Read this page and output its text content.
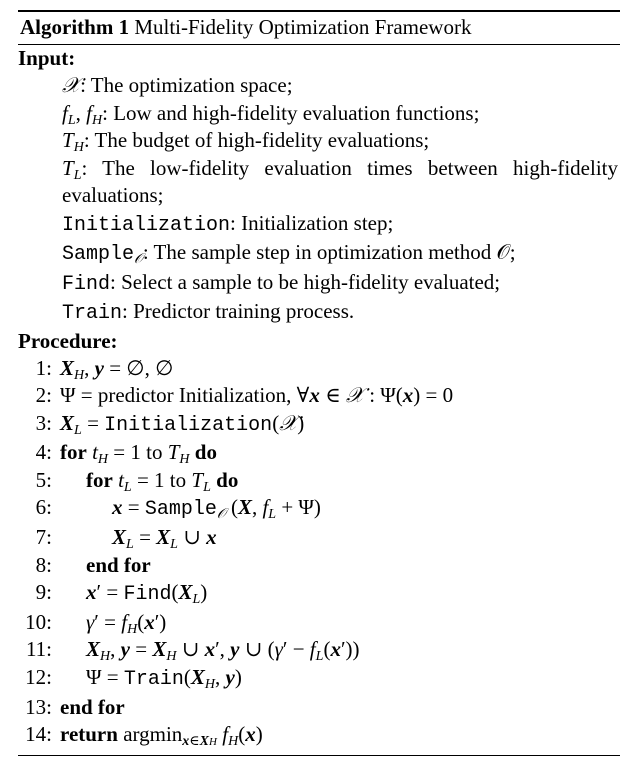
Algorithm 1 Multi-Fidelity Optimization Framework
Input:
𝒳: The optimization space;
$f_L$, $f_H$: Low and high-fidelity evaluation functions;
$T_H$: The budget of high-fidelity evaluations;
$T_L$: The low-fidelity evaluation times between high-fidelity evaluations;
Initialization: Initialization step;
Sample$_𝒪$: The sample step in optimization method 𝒪;
Find: Select a sample to be high-fidelity evaluated;
Train: Predictor training process.
Procedure:
1: $X_H$, y = ∅, ∅
2: Ψ = predictor Initialization, ∀x ∈ 𝒳 : Ψ(x) = 0
3: $X_L$ = Initialization(𝒳)
4: for $t_H = 1$ to $T_H$ do
5: for $t_L = 1$ to $T_L$ do
6:	x = Sample$_𝒪$ (X, $f_L + \Psi$)
7:	$X_L = X_L$ ∪ x
8: end for
9: $x' = Find(X_L)$
10: $\gamma' = f_H(x')$
11: $X_H$, $y = X_H$ ∪ x′, y ∪ $(\gamma' - f_L(x'))$
12: $\Psi = Train(X_H$, y)
13: end for
14: return argmin$_{x\in XH}$ $f_H(x)$
